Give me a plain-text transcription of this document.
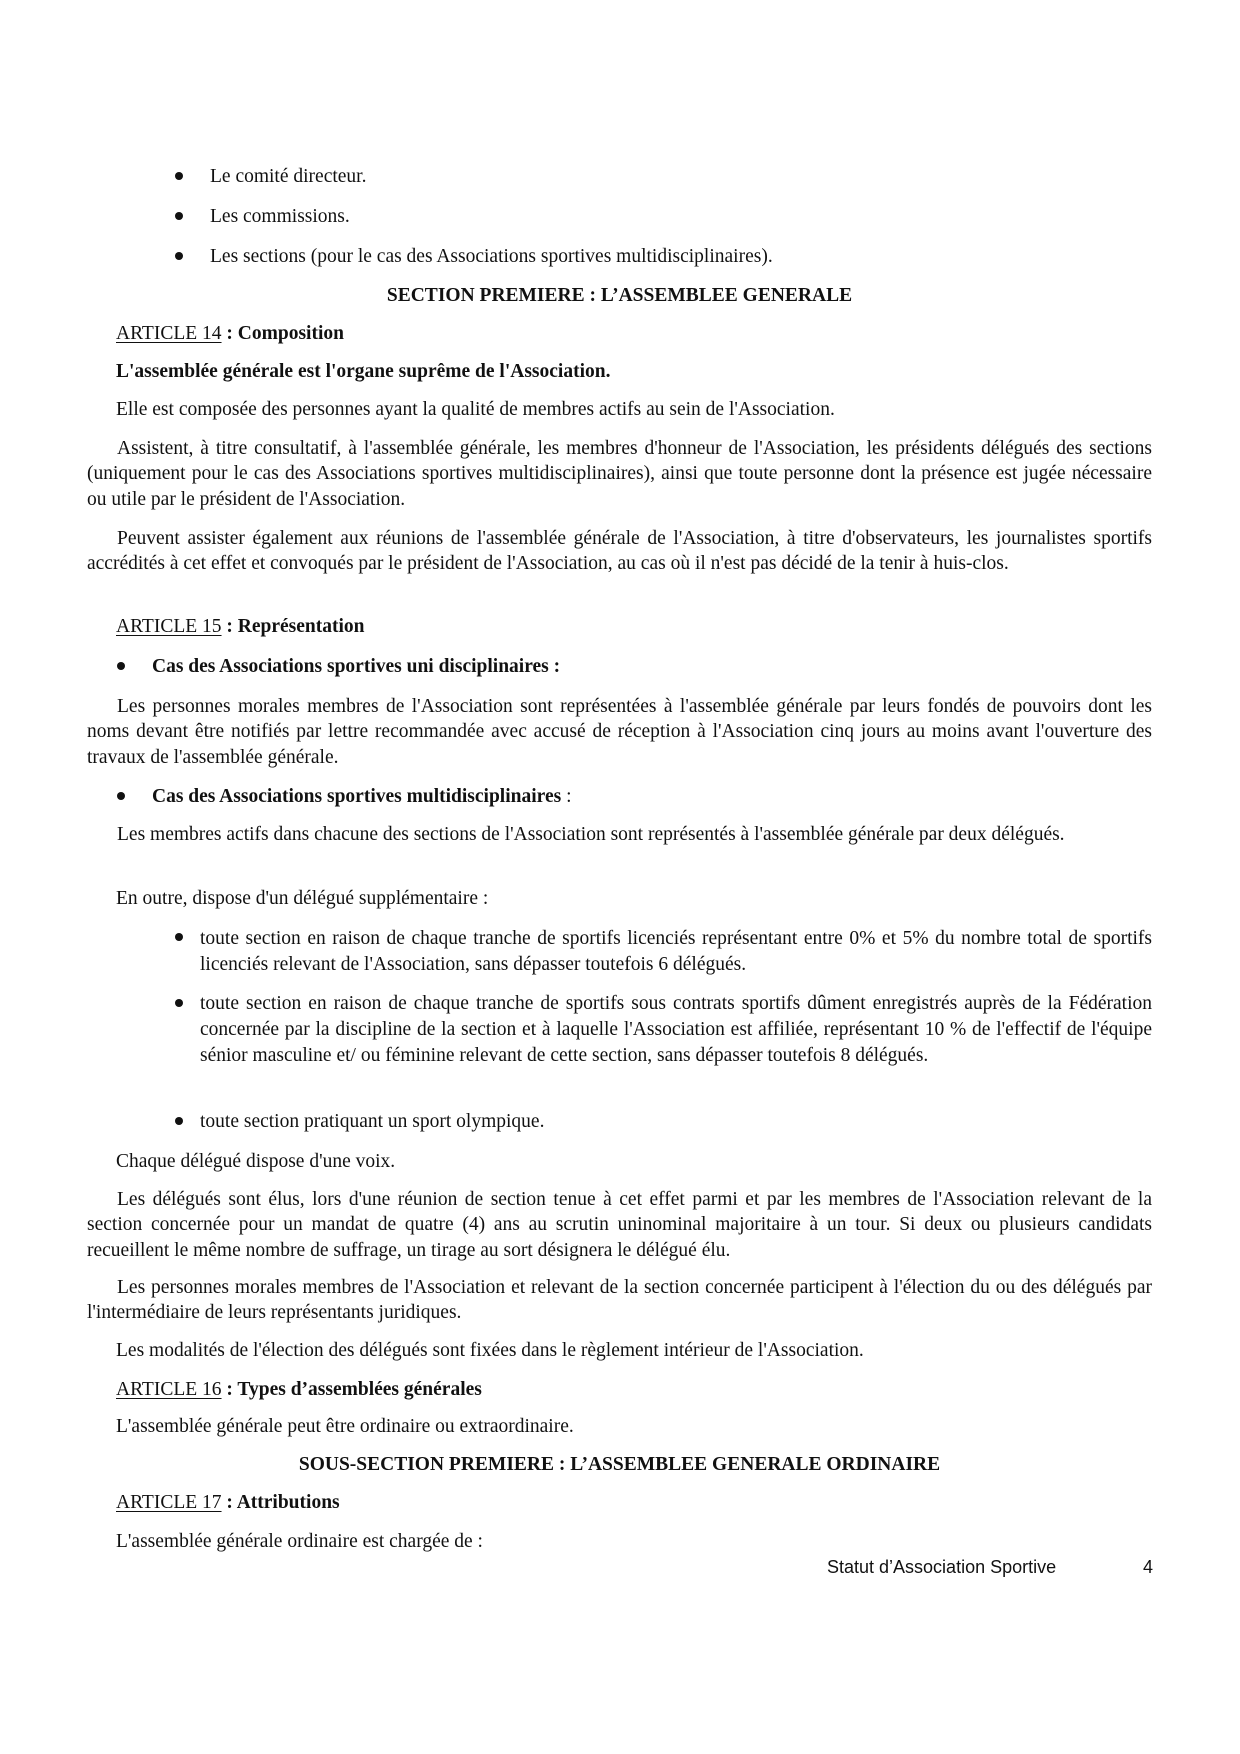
Le comité directeur.
Les commissions.
Les sections (pour le cas des Associations sportives multidisciplinaires).
SECTION PREMIERE : L’ASSEMBLEE GENERALE
ARTICLE 14 : Composition
L'assemblée générale est l'organe suprême de l'Association.
Elle est composée des personnes ayant la qualité de membres actifs au sein de l'Association.
Assistent, à titre consultatif, à l'assemblée générale, les membres d'honneur de l'Association, les présidents délégués des sections (uniquement pour le cas des Associations sportives multidisciplinaires), ainsi que toute personne dont la présence est jugée nécessaire ou utile par le président de l'Association.
Peuvent assister également aux réunions de l'assemblée générale de l'Association, à titre d'observateurs, les journalistes sportifs accrédités à cet effet et convoqués par le président de l'Association, au cas où il n'est pas décidé de la tenir à huis-clos.
ARTICLE 15 : Représentation
Cas des Associations sportives uni disciplinaires :
Les personnes morales membres de l'Association sont représentées à l'assemblée générale par leurs fondés de pouvoirs dont les noms devant être notifiés par lettre recommandée avec accusé de réception à l'Association cinq jours au moins avant l'ouverture des travaux de l'assemblée générale.
Cas des Associations sportives multidisciplinaires :
Les membres actifs dans chacune des sections de l'Association sont représentés à l'assemblée générale par deux délégués.
En outre, dispose d'un délégué supplémentaire :
toute section en raison de chaque tranche de sportifs licenciés représentant entre 0% et 5% du nombre total de sportifs licenciés relevant de l'Association, sans dépasser toutefois 6 délégués.
toute section en raison de chaque tranche de sportifs sous contrats sportifs dûment enregistrés auprès de la Fédération concernée par la discipline de la section et à laquelle l'Association est affiliée, représentant 10 % de l'effectif de l'équipe sénior masculine et/ ou féminine relevant de cette section, sans dépasser toutefois 8 délégués.
toute section pratiquant un sport olympique.
Chaque délégué dispose d'une voix.
Les délégués sont élus, lors d'une réunion de section tenue à cet effet parmi et par les membres de l'Association relevant de la section concernée pour un mandat de quatre (4) ans au scrutin uninominal majoritaire à un tour. Si deux ou plusieurs candidats recueillent le même nombre de suffrage, un tirage au sort désignera le délégué élu.
Les personnes morales membres de l'Association et relevant de la section concernée participent à l'élection du ou des délégués par l'intermédiaire de leurs représentants juridiques.
Les modalités de l'élection des délégués sont fixées dans le règlement intérieur de l'Association.
ARTICLE 16 : Types d’assemblées générales
L'assemblée générale peut être ordinaire ou extraordinaire.
SOUS-SECTION PREMIERE : L’ASSEMBLEE GENERALE ORDINAIRE
ARTICLE 17 : Attributions
L'assemblée générale ordinaire est chargée de :
Statut d’Association Sportive	4
